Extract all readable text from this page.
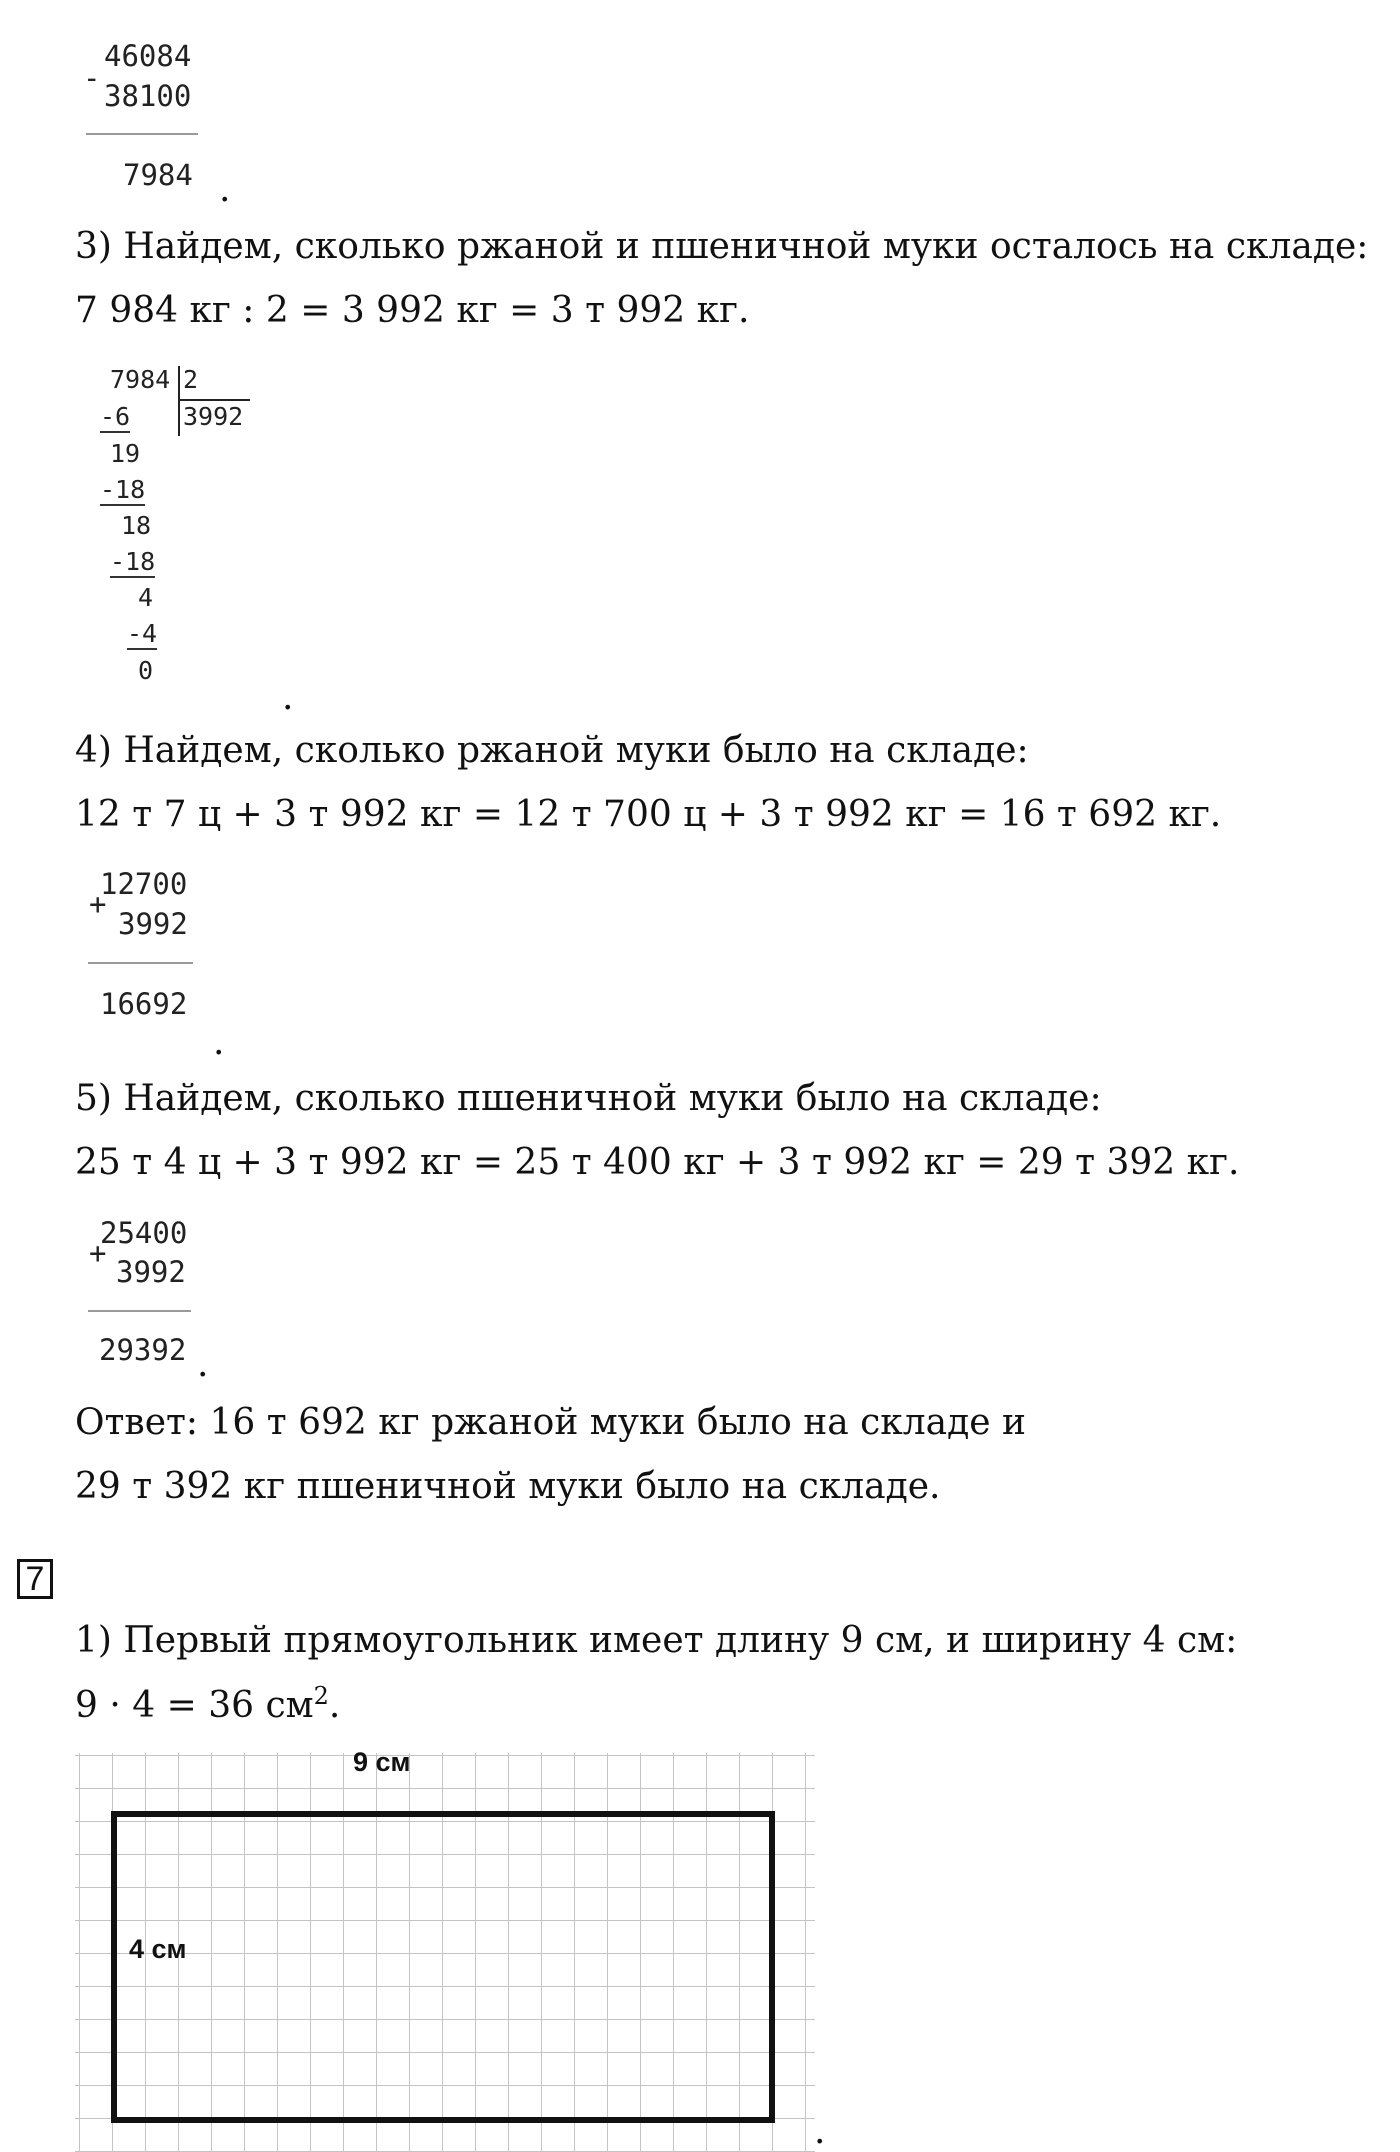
46084
-
38100
7984 .
3) Найдем, сколько ржаной и пшеничной муки осталось на складе:
7 984 кг : 2 = 3 992 кг = 3 т 992 кг.
7984 2
3992
-6
19
-18
18
-18
4
-4
0
.
4) Найдем, сколько ржаной муки было на складе:
12 т 7 ц + 3 т 992 кг = 12 т 700 ц + 3 т 992 кг = 16 т 692 кг.
12700
+
3992
16692
.
5) Найдем, сколько пшеничной муки было на складе:
25 т 4 ц + 3 т 992 кг = 25 т 400 кг + 3 т 992 кг = 29 т 392 кг.
25400
+
3992
29392 .
Ответ: 16 т 692 кг ржаной муки было на складе и
29 т 392 кг пшеничной муки было на складе.
7
1) Первый прямоугольник имеет длину 9 см, и ширину 4 см:
9 · 4 = 36 $см^2$.
9 см
4 см
.
